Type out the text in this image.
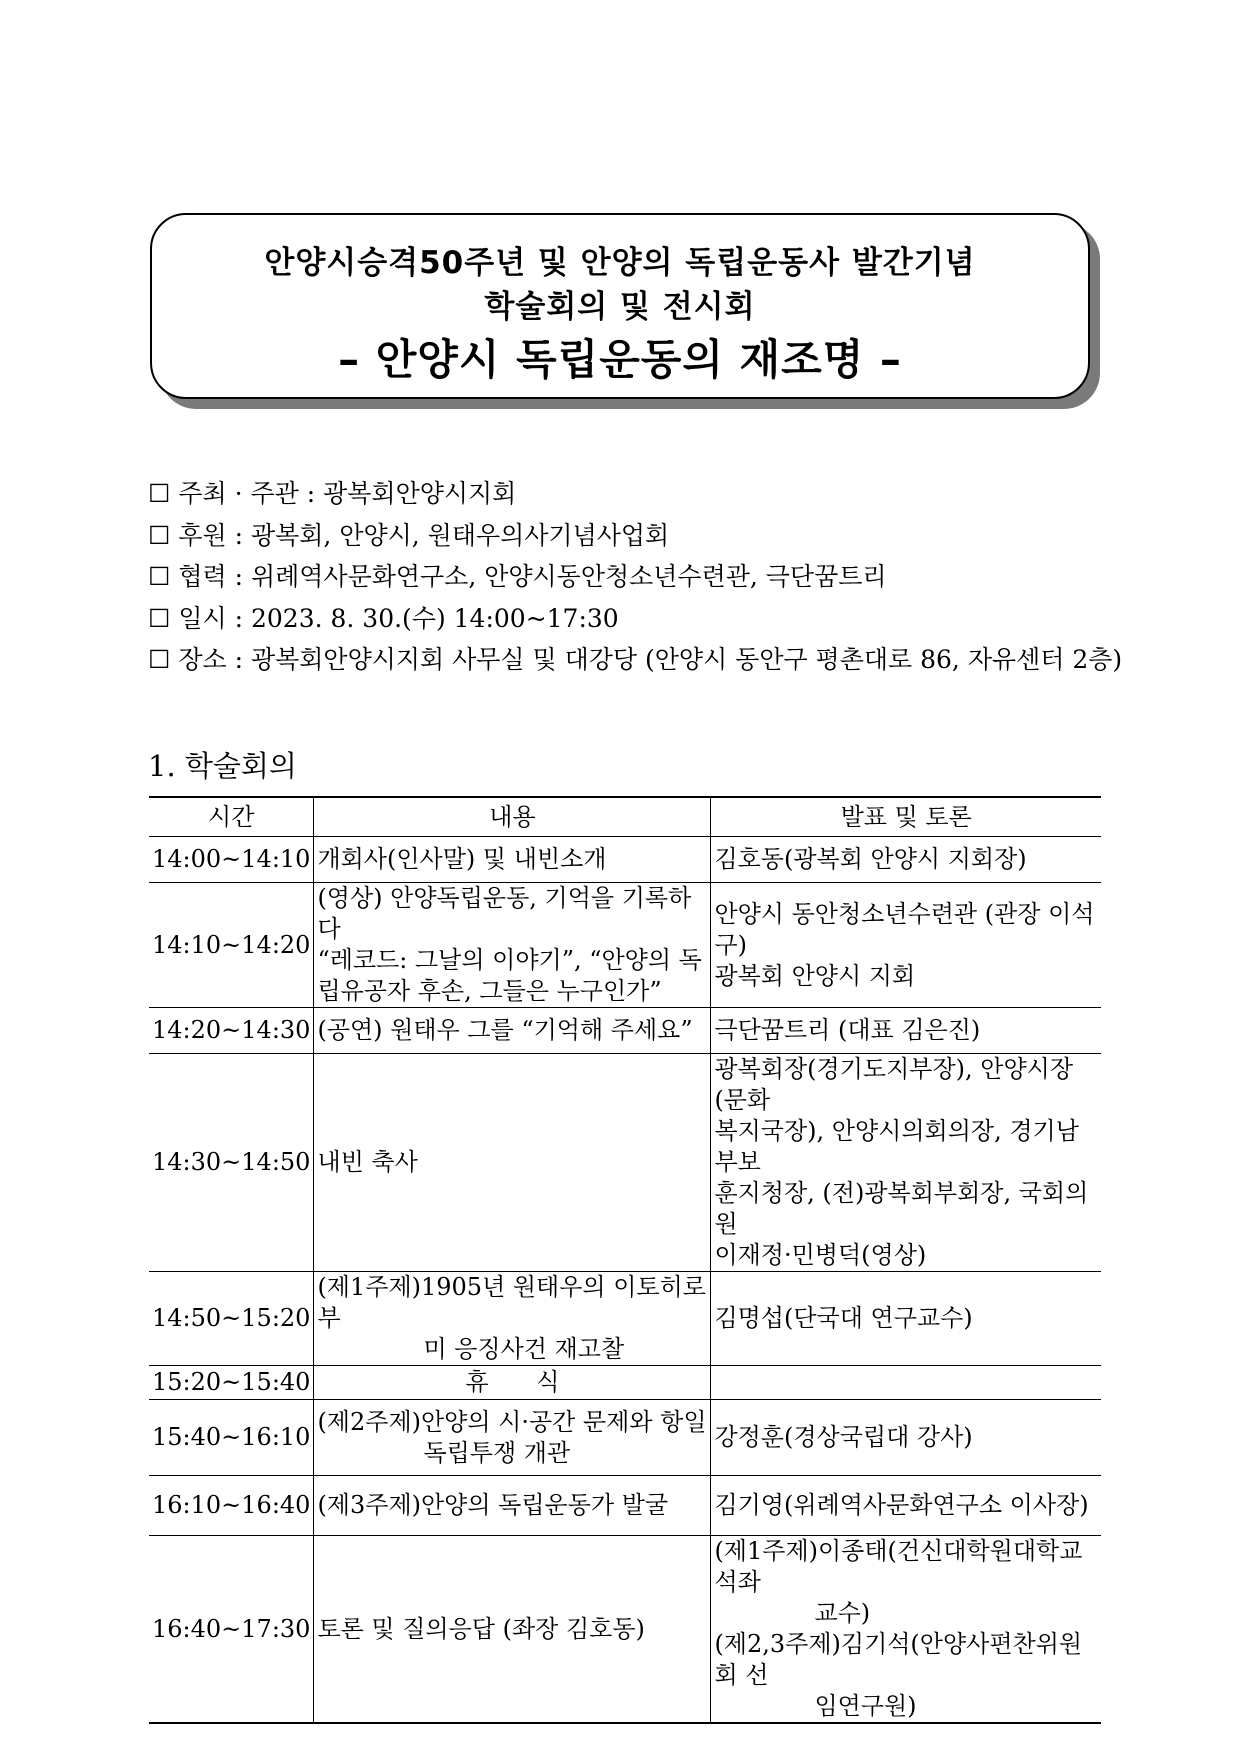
안양시승격50주년 및 안양의 독립운동사 발간기념
학술회의 및 전시회
– 안양시 독립운동의 재조명 –
☐ 주최 · 주관 : 광복회안양시지회
☐ 후원 : 광복회, 안양시, 원태우의사기념사업회
☐ 협력 : 위례역사문화연구소, 안양시동안청소년수련관, 극단꿈트리
☐ 일시 : 2023. 8. 30.(수) 14:00~17:30
☐ 장소 : 광복회안양시지회 사무실 및 대강당 (안양시 동안구 평촌대로 86, 자유센터 2층)
1. 학술회의
시간	내용	발표 및 토론
14:00~14:10	개회사(인사말) 및 내빈소개	김호동(광복회 안양시 지회장)
14:10~14:20	(영상) 안양독립운동, 기억을 기록하다
“레코드: 그날의 이야기”, “안양의 독
립유공자 후손, 그들은 누구인가”	안양시 동안청소년수련관 (관장 이석구)
광복회 안양시 지회

14:20~14:30	(공연) 원태우 그를 “기억해 주세요”	극단꿈트리 (대표 김은진)
14:30~14:50	내빈 축사	광복회장(경기도지부장), 안양시장(문화
복지국장), 안양시의회의장, 경기남부보
훈지청장, (전)광복회부회장, 국회의원
이재정·민병덕(영상)

14:50~15:20	(제1주제)1905년 원태우의 이토히로부
미 응징사건 재고찰	김명섭(단국대 연구교수)
15:20~15:40	휴 식	
15:40~16:10	(제2주제)안양의 시·공간 문제와 항일
독립투쟁 개관	강정훈(경상국립대 강사)
16:10~16:40	(제3주제)안양의 독립운동가 발굴	김기영(위례역사문화연구소 이사장)
16:40~17:30	토론 및 질의응답 (좌장 김호동)	(제1주제)이종태(건신대학원대학교 석좌
교수)
(제2,3주제)김기석(안양사편찬위원회 선
임연구원)
